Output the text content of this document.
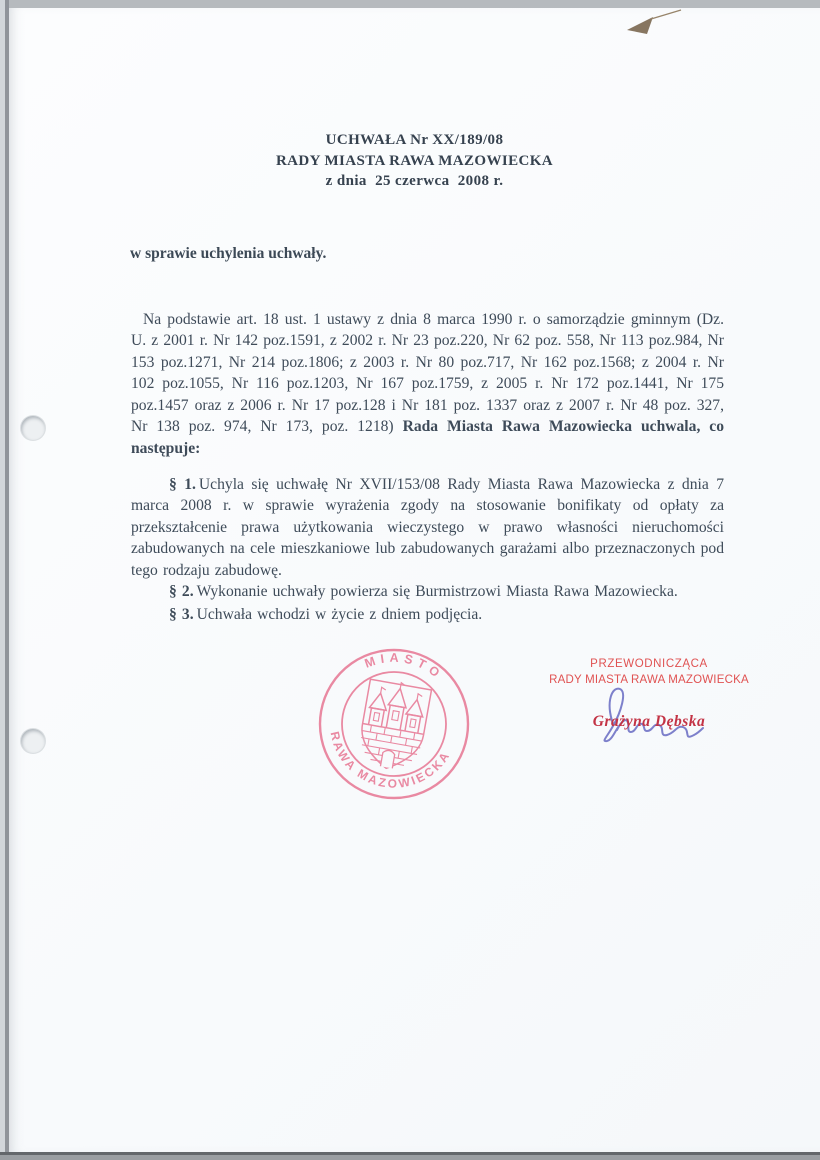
UCHWAŁA Nr XX/189/08
RADY MIASTA RAWA MAZOWIECKA
z dnia  25 czerwca  2008 r.
w sprawie uchylenia uchwały.

Na podstawie art. 18 ust. 1 ustawy z dnia 8 marca 1990 r. o samorządzie gminnym (Dz. U. z 2001 r. Nr 142 poz.1591, z 2002 r. Nr 23 poz.220, Nr 62 poz. 558, Nr 113 poz.984, Nr 153 poz.1271, Nr 214 poz.1806; z 2003 r. Nr 80 poz.717, Nr 162 poz.1568; z 2004 r. Nr 102 poz.1055, Nr 116 poz.1203, Nr 167 poz.1759, z 2005 r. Nr 172 poz.1441, Nr 175 poz.1457 oraz z 2006 r. Nr 17 poz.128 i Nr 181 poz. 1337 oraz z 2007 r. Nr 48 poz. 327, Nr 138 poz. 974, Nr 173, poz. 1218) Rada Miasta Rawa Mazowiecka uchwala, co następuje:

§ 1. Uchyla się uchwałę Nr XVII/153/08 Rady Miasta Rawa Mazowiecka z dnia 7 marca 2008 r. w sprawie wyrażenia zgody na stosowanie bonifikaty od opłaty za przekształcenie prawa użytkowania wieczystego w prawo własności nieruchomości zabudowanych na cele mieszkaniowe lub zabudowanych garażami albo przeznaczonych pod tego rodzaju zabudowę.

§ 2. Wykonanie uchwały powierza się Burmistrzowi Miasta Rawa Mazowiecka.

§ 3. Uchwała wchodzi w życie z dniem podjęcia.

MIASTO
RAWA MAZOWIECKA
PRZEWODNICZĄCA
RADY MIASTA RAWA MAZOWIECKA
Grażyna Dębska
